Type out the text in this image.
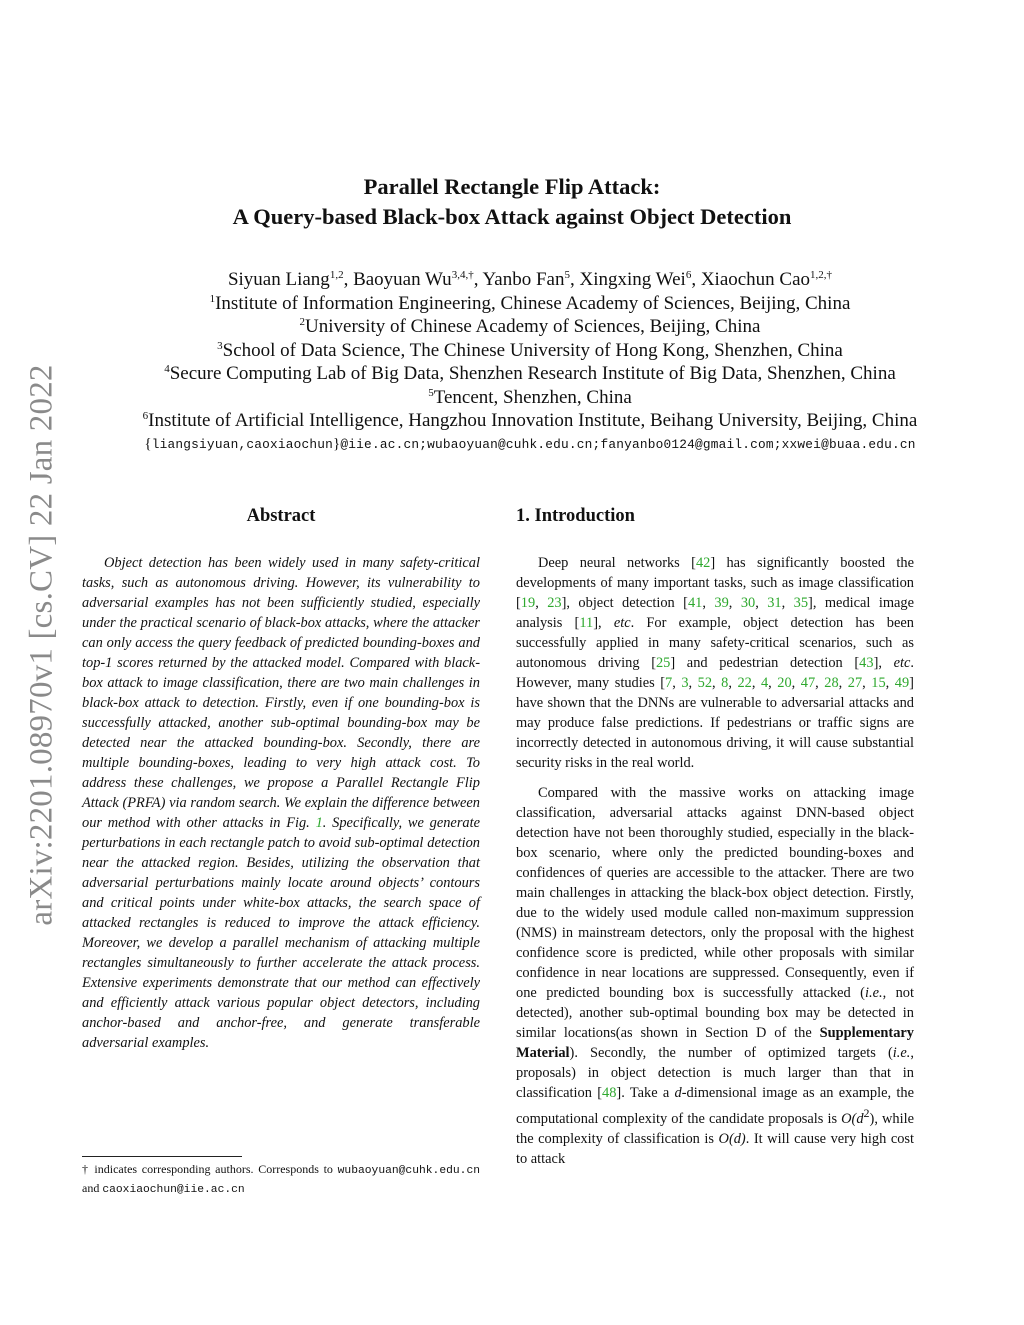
arXiv:2201.08970v1 [cs.CV] 22 Jan 2022
Parallel Rectangle Flip Attack:
A Query-based Black-box Attack against Object Detection
Siyuan Liang$^{1,2}$, Baoyuan $Wu^{3,4,\dagger}$, Yanbo Fan$^5$, Xingxing Wei$^6$, Xiaochun Cao$^{1,2,\dagger}$
$^1$Institute of Information Engineering, Chinese Academy of Sciences, Beijing, China
$^2$University of Chinese Academy of Sciences, Beijing, China
$^3$School of Data Science, The Chinese University of Hong Kong, Shenzhen, China
$^4$Secure Computing Lab of Big Data, Shenzhen Research Institute of Big Data, Shenzhen, China
$^5$Tencent, Shenzhen, China
$^6$Institute of Artificial Intelligence, Hangzhou Innovation Institute, Beihang University, Beijing, China
{liangsiyuan,caoxiaochun}@iie.ac.cn;wubaoyuan@cuhk.edu.cn;fanyanbo0124@gmail.com;xxwei@buaa.edu.cn
Abstract

Object detection has been widely used in many safety-critical tasks, such as autonomous driving. However, its vulnerability to adversarial examples has not been sufficiently studied, especially under the practical scenario of black-box attacks, where the attacker can only access the query feedback of predicted bounding-boxes and top-1 scores returned by the attacked model. Compared with black-box attack to image classification, there are two main challenges in black-box attack to detection. Firstly, even if one bounding-box is successfully attacked, another sub-optimal bounding-box may be detected near the attacked bounding-box. Secondly, there are multiple bounding-boxes, leading to very high attack cost. To address these challenges, we propose a Parallel Rectangle Flip Attack (PRFA) via random search. We explain the difference between our method with other attacks in Fig. 1. Specifically, we generate perturbations in each rectangle patch to avoid sub-optimal detection near the attacked region. Besides, utilizing the observation that adversarial perturbations mainly locate around objects’ contours and critical points under white-box attacks, the search space of attacked rectangles is reduced to improve the attack efficiency. Moreover, we develop a parallel mechanism of attacking multiple rectangles simultaneously to further accelerate the attack process. Extensive experiments demonstrate that our method can effectively and efficiently attack various popular object detectors, including anchor-based and anchor-free, and generate transferable adversarial examples.

† indicates corresponding authors. Corresponds to wubaoyuan@cuhk.edu.cn and caoxiaochun@iie.ac.cn
1. Introduction

Deep neural networks [42] has significantly boosted the developments of many important tasks, such as image classification [19, 23], object detection [41, 39, 30, 31, 35], medical image analysis [11], etc. For example, object detection has been successfully applied in many safety-critical scenarios, such as autonomous driving [25] and pedestrian detection [43], etc. However, many studies [7, 3, 52, 8, 22, 4, 20, 47, 28, 27, 15, 49] have shown that the DNNs are vulnerable to adversarial attacks and may produce false predictions. If pedestrians or traffic signs are incorrectly detected in autonomous driving, it will cause substantial security risks in the real world.

Compared with the massive works on attacking image classification, adversarial attacks against DNN-based object detection have not been thoroughly studied, especially in the black-box scenario, where only the predicted bounding-boxes and confidences of queries are accessible to the attacker. There are two main challenges in attacking the black-box object detection. Firstly, due to the widely used module called non-maximum suppression (NMS) in mainstream detectors, only the proposal with the highest confidence score is predicted, while other proposals with similar confidence in near locations are suppressed. Consequently, even if one predicted bounding box is successfully attacked (i.e., not detected), another sub-optimal bounding box may be detected in similar locations(as shown in Section D of the Supplementary Material). Secondly, the number of optimized targets (i.e., proposals) in object detection is much larger than that in classification [48]. Take a d-dimensional image as an example, the computational complexity of the candidate proposals is $O(d^2)$, while the complexity of classification is O(d). It will cause very high cost to attack
